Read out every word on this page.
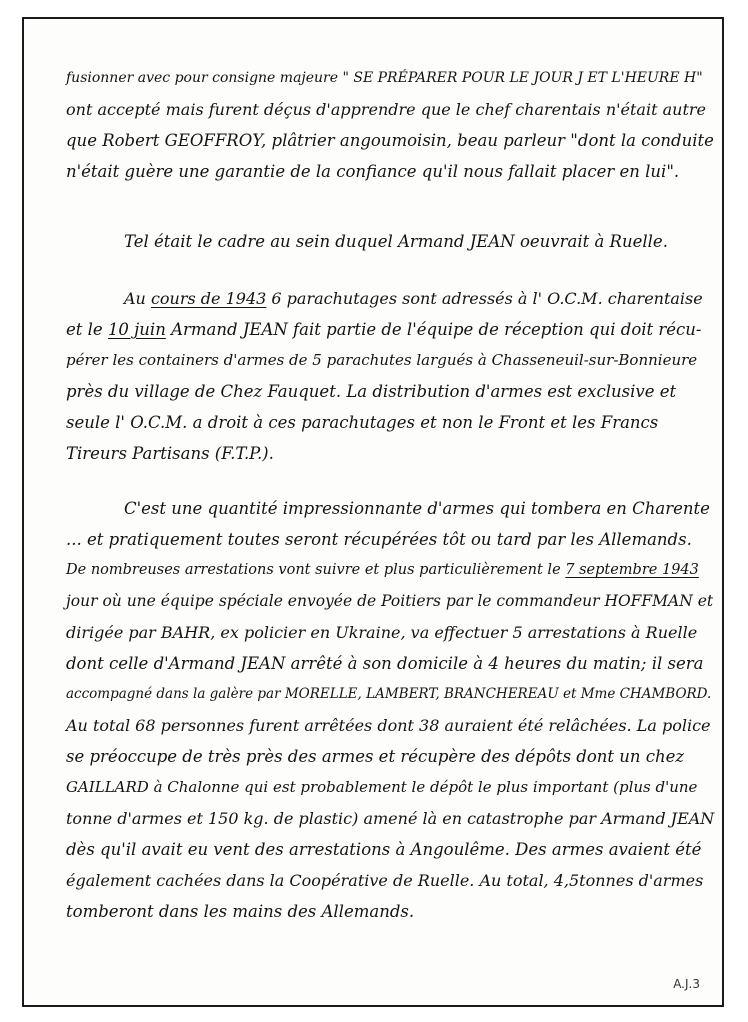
fusionner avec pour consigne majeure " SE PRÉPARER POUR LE JOUR J ET L'HEURE H"
ont accepté mais furent déçus d'apprendre que le chef charentais n'était autre
que Robert GEOFFROY, plâtrier angoumoisin, beau parleur "dont la conduite
n'était guère une garantie de la confiance qu'il nous fallait placer en lui".
Tel était le cadre au sein duquel Armand JEAN oeuvrait à Ruelle.
Au cours de 1943 6 parachutages sont adressés à l' O.C.M. charentaise
et le 10 juin Armand JEAN fait partie de l'équipe de réception qui doit récu-
pérer les containers d'armes de 5 parachutes largués à Chasseneuil-sur-Bonnieure
près du village de Chez Fauquet. La distribution d'armes est exclusive et
seule l' O.C.M. a droit à ces parachutages et non le Front et les Francs
Tireurs Partisans (F.T.P.).
C'est une quantité impressionnante d'armes qui tombera en Charente
... et pratiquement toutes seront récupérées tôt ou tard par les Allemands.
De nombreuses arrestations vont suivre et plus particulièrement le 7 septembre 1943
jour où une équipe spéciale envoyée de Poitiers par le commandeur HOFFMAN et
dirigée par BAHR, ex policier en Ukraine, va effectuer 5 arrestations à Ruelle
dont celle d'Armand JEAN arrêté à son domicile à 4 heures du matin; il sera
accompagné dans la galère par MORELLE, LAMBERT, BRANCHEREAU et Mme CHAMBORD.
Au total 68 personnes furent arrêtées dont 38 auraient été relâchées. La police
se préoccupe de très près des armes et récupère des dépôts dont un chez
GAILLARD à Chalonne qui est probablement le dépôt le plus important (plus d'une
tonne d'armes et 150 kg. de plastic) amené là en catastrophe par Armand JEAN
dès qu'il avait eu vent des arrestations à Angoulême. Des armes avaient été
également cachées dans la Coopérative de Ruelle. Au total, 4,5tonnes d'armes
tomberont dans les mains des Allemands.
A.J.3
